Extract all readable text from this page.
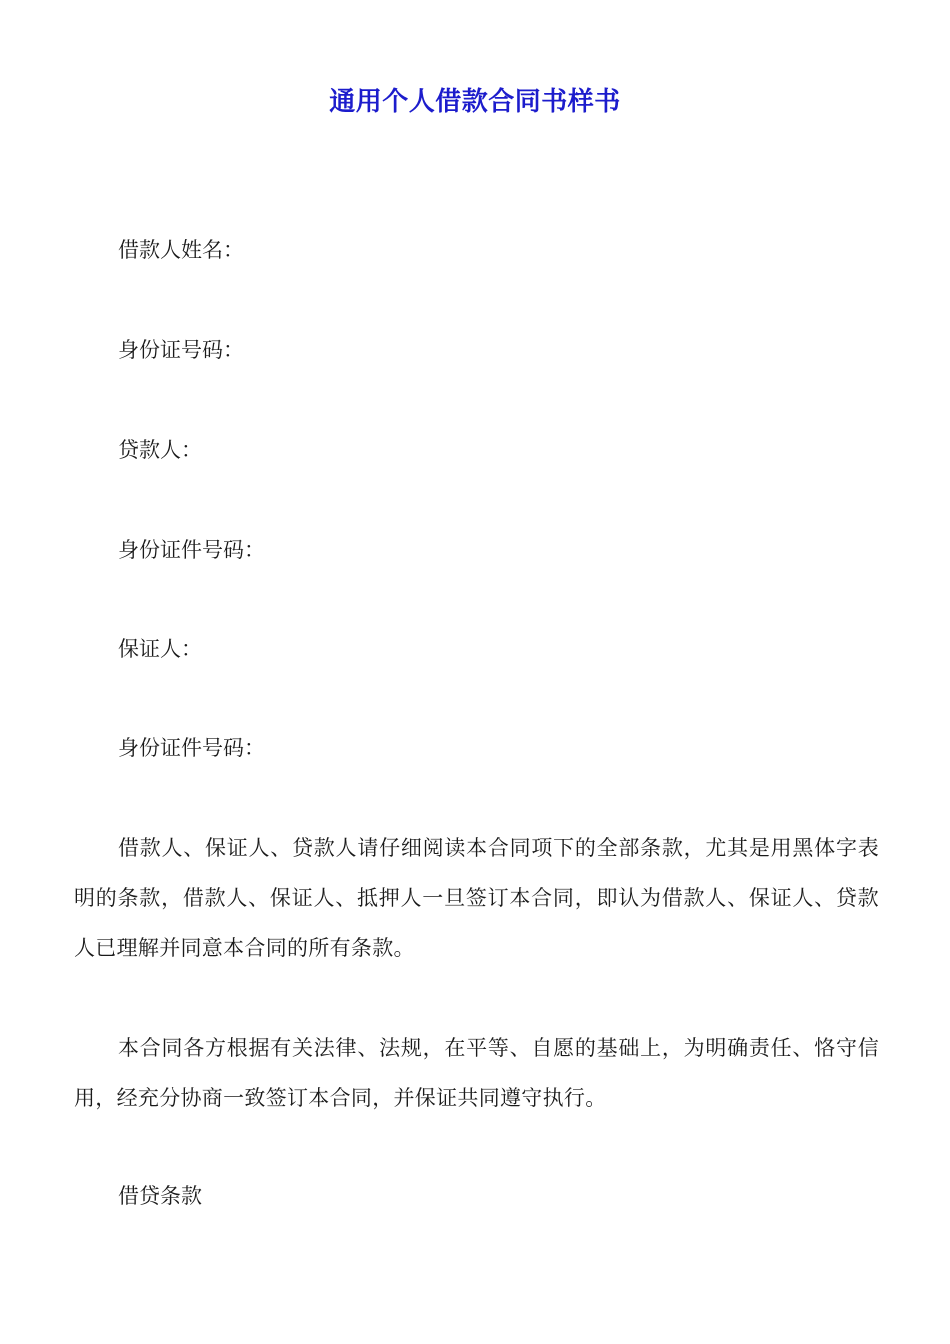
通用个人借款合同书样书
借款人姓名：
身份证号码：
贷款人：
身份证件号码：
保证人：
身份证件号码：
借款人、保证人、贷款人请仔细阅读本合同项下的全部条款，尤其是用黑体字表明的条款，借款人、保证人、抵押人一旦签订本合同，即认为借款人、保证人、贷款人已理解并同意本合同的所有条款。
本合同各方根据有关法律、法规，在平等、自愿的基础上，为明确责任、恪守信用，经充分协商一致签订本合同，并保证共同遵守执行。
借贷条款
